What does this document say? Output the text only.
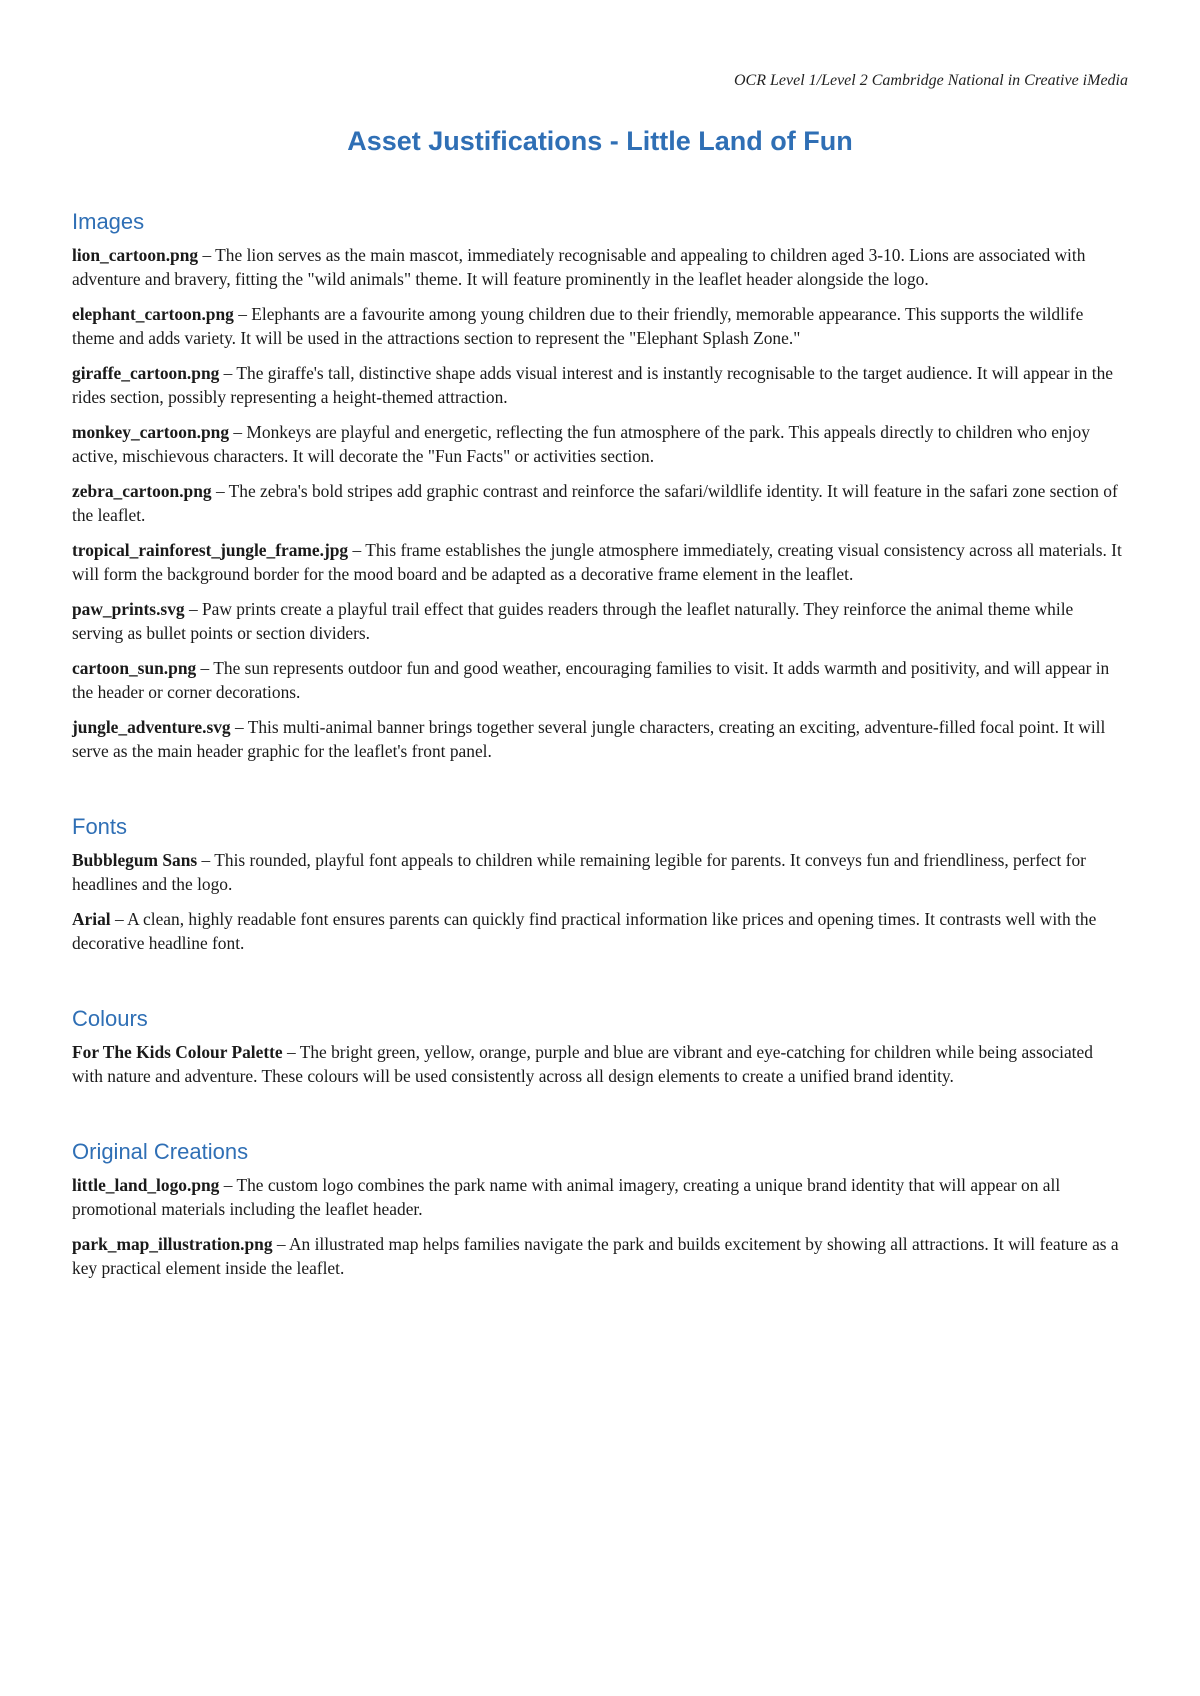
OCR Level 1/Level 2 Cambridge National in Creative iMedia

Asset Justifications - Little Land of Fun
Images

lion_cartoon.png – The lion serves as the main mascot, immediately recognisable and appealing to children aged 3-10. Lions are associated with adventure and bravery, fitting the "wild animals" theme. It will feature prominently in the leaflet header alongside the logo.

elephant_cartoon.png – Elephants are a favourite among young children due to their friendly, memorable appearance. This supports the wildlife theme and adds variety. It will be used in the attractions section to represent the "Elephant Splash Zone."

giraffe_cartoon.png – The giraffe's tall, distinctive shape adds visual interest and is instantly recognisable to the target audience. It will appear in the rides section, possibly representing a height-themed attraction.

monkey_cartoon.png – Monkeys are playful and energetic, reflecting the fun atmosphere of the park. This appeals directly to children who enjoy active, mischievous characters. It will decorate the "Fun Facts" or activities section.

zebra_cartoon.png – The zebra's bold stripes add graphic contrast and reinforce the safari/wildlife identity. It will feature in the safari zone section of the leaflet.

tropical_rainforest_jungle_frame.jpg – This frame establishes the jungle atmosphere immediately, creating visual consistency across all materials. It will form the background border for the mood board and be adapted as a decorative frame element in the leaflet.

paw_prints.svg – Paw prints create a playful trail effect that guides readers through the leaflet naturally. They reinforce the animal theme while serving as bullet points or section dividers.

cartoon_sun.png – The sun represents outdoor fun and good weather, encouraging families to visit. It adds warmth and positivity, and will appear in the header or corner decorations.

jungle_adventure.svg – This multi-animal banner brings together several jungle characters, creating an exciting, adventure-filled focal point. It will serve as the main header graphic for the leaflet's front panel.

Fonts

Bubblegum Sans – This rounded, playful font appeals to children while remaining legible for parents. It conveys fun and friendliness, perfect for headlines and the logo.

Arial – A clean, highly readable font ensures parents can quickly find practical information like prices and opening times. It contrasts well with the decorative headline font.

Colours

For The Kids Colour Palette – The bright green, yellow, orange, purple and blue are vibrant and eye-catching for children while being associated with nature and adventure. These colours will be used consistently across all design elements to create a unified brand identity.

Original Creations

little_land_logo.png – The custom logo combines the park name with animal imagery, creating a unique brand identity that will appear on all promotional materials including the leaflet header.

park_map_illustration.png – An illustrated map helps families navigate the park and builds excitement by showing all attractions. It will feature as a key practical element inside the leaflet.
